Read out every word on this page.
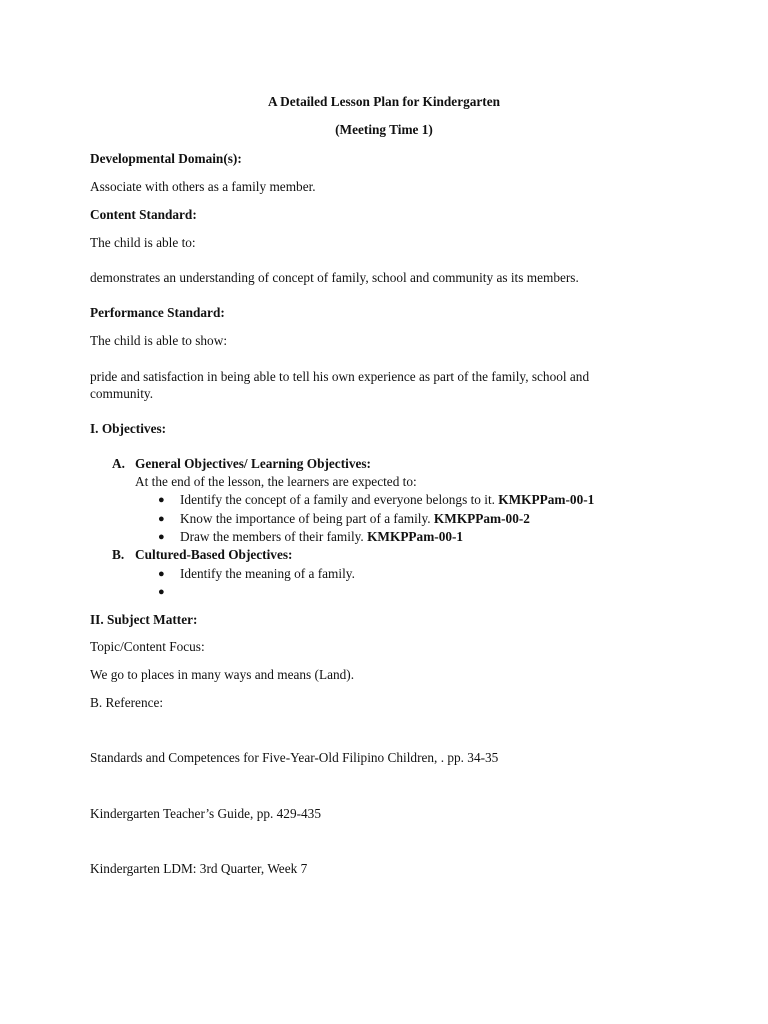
A Detailed Lesson Plan for Kindergarten
(Meeting Time 1)
Developmental Domain(s):
Associate with others as a family member.
Content Standard:
The child is able to:
demonstrates an understanding of concept of family, school and community as its members.
Performance Standard:
The child is able to show:
pride and satisfaction in being able to tell his own experience as part of the family, school and community.
I. Objectives:
A. General Objectives/ Learning Objectives:
At the end of the lesson, the learners are expected to:
● Identify the concept of a family and everyone belongs to it. KMKPPam-00-1
● Know the importance of being part of a family. KMKPPam-00-2
● Draw the members of their family. KMKPPam-00-1
B. Cultured-Based Objectives:
● Identify the meaning of a family.
●
II. Subject Matter:
Topic/Content Focus:
We go to places in many ways and means (Land).
B. Reference:
Standards and Competences for Five-Year-Old Filipino Children, . pp. 34-35
Kindergarten Teacher’s Guide, pp. 429-435
Kindergarten LDM: 3rd Quarter, Week 7
